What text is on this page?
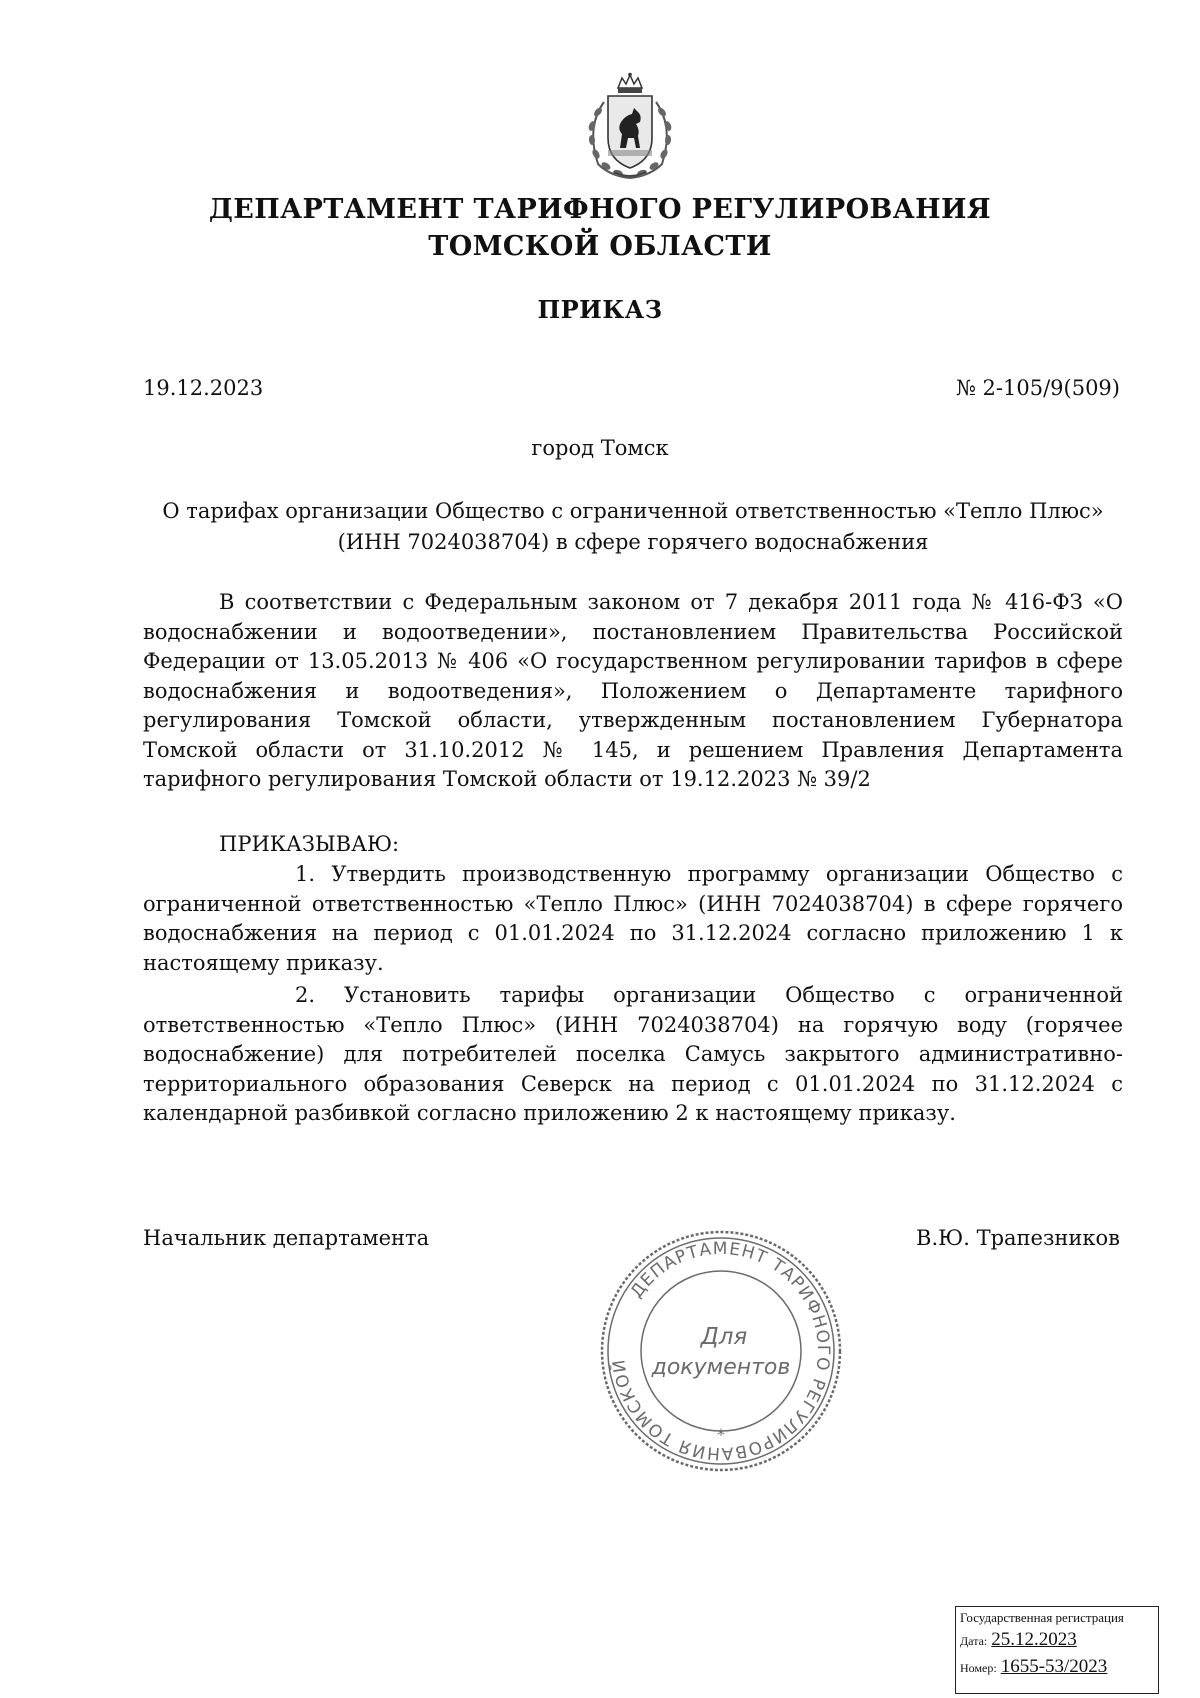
ДЕПАРТАМЕНТ ТАРИФНОГО РЕГУЛИРОВАНИЯ
ТОМСКОЙ ОБЛАСТИ
ПРИКАЗ
19.12.2023	№ 2-105/9(509)
город Томск
О тарифах организации Общество с ограниченной ответственностью «Тепло Плюс»
(ИНН 7024038704) в сфере горячего водоснабжения
В соответствии с Федеральным законом от 7 декабря 2011 года № 416-ФЗ «О водоснабжении и водоотведении», постановлением Правительства Российской Федерации от 13.05.2013 № 406 «О государственном регулировании тарифов в сфере водоснабжения и водоотведения», Положением о Департаменте тарифного регулирования Томской области, утвержденным постановлением Губернатора Томской области от 31.10.2012 № 145, и решением Правления Департамента тарифного регулирования Томской области от 19.12.2023 № 39/2
ПРИКАЗЫВАЮ:
1. Утвердить производственную программу организации Общество с ограниченной ответственностью «Тепло Плюс» (ИНН 7024038704) в сфере горячего водоснабжения на период с 01.01.2024 по 31.12.2024 согласно приложению 1 к настоящему приказу.
2. Установить тарифы организации Общество с ограниченной ответственностью «Тепло Плюс» (ИНН 7024038704) на горячую воду (горячее водоснабжение) для потребителей поселка Самусь закрытого административно-территориального образования Северск на период с 01.01.2024 по 31.12.2024 с календарной разбивкой согласно приложению 2 к настоящему приказу.
Начальник департамента	В.Ю. Трапезников
ДЕПАРТАМЕНТ ТАРИФНОГО РЕГУЛИРОВАНИЯ ТОМСКОЙ
*
Для
документов
Государственная регистрация
Дата: 25.12.2023
Номер: 1655-53/2023
